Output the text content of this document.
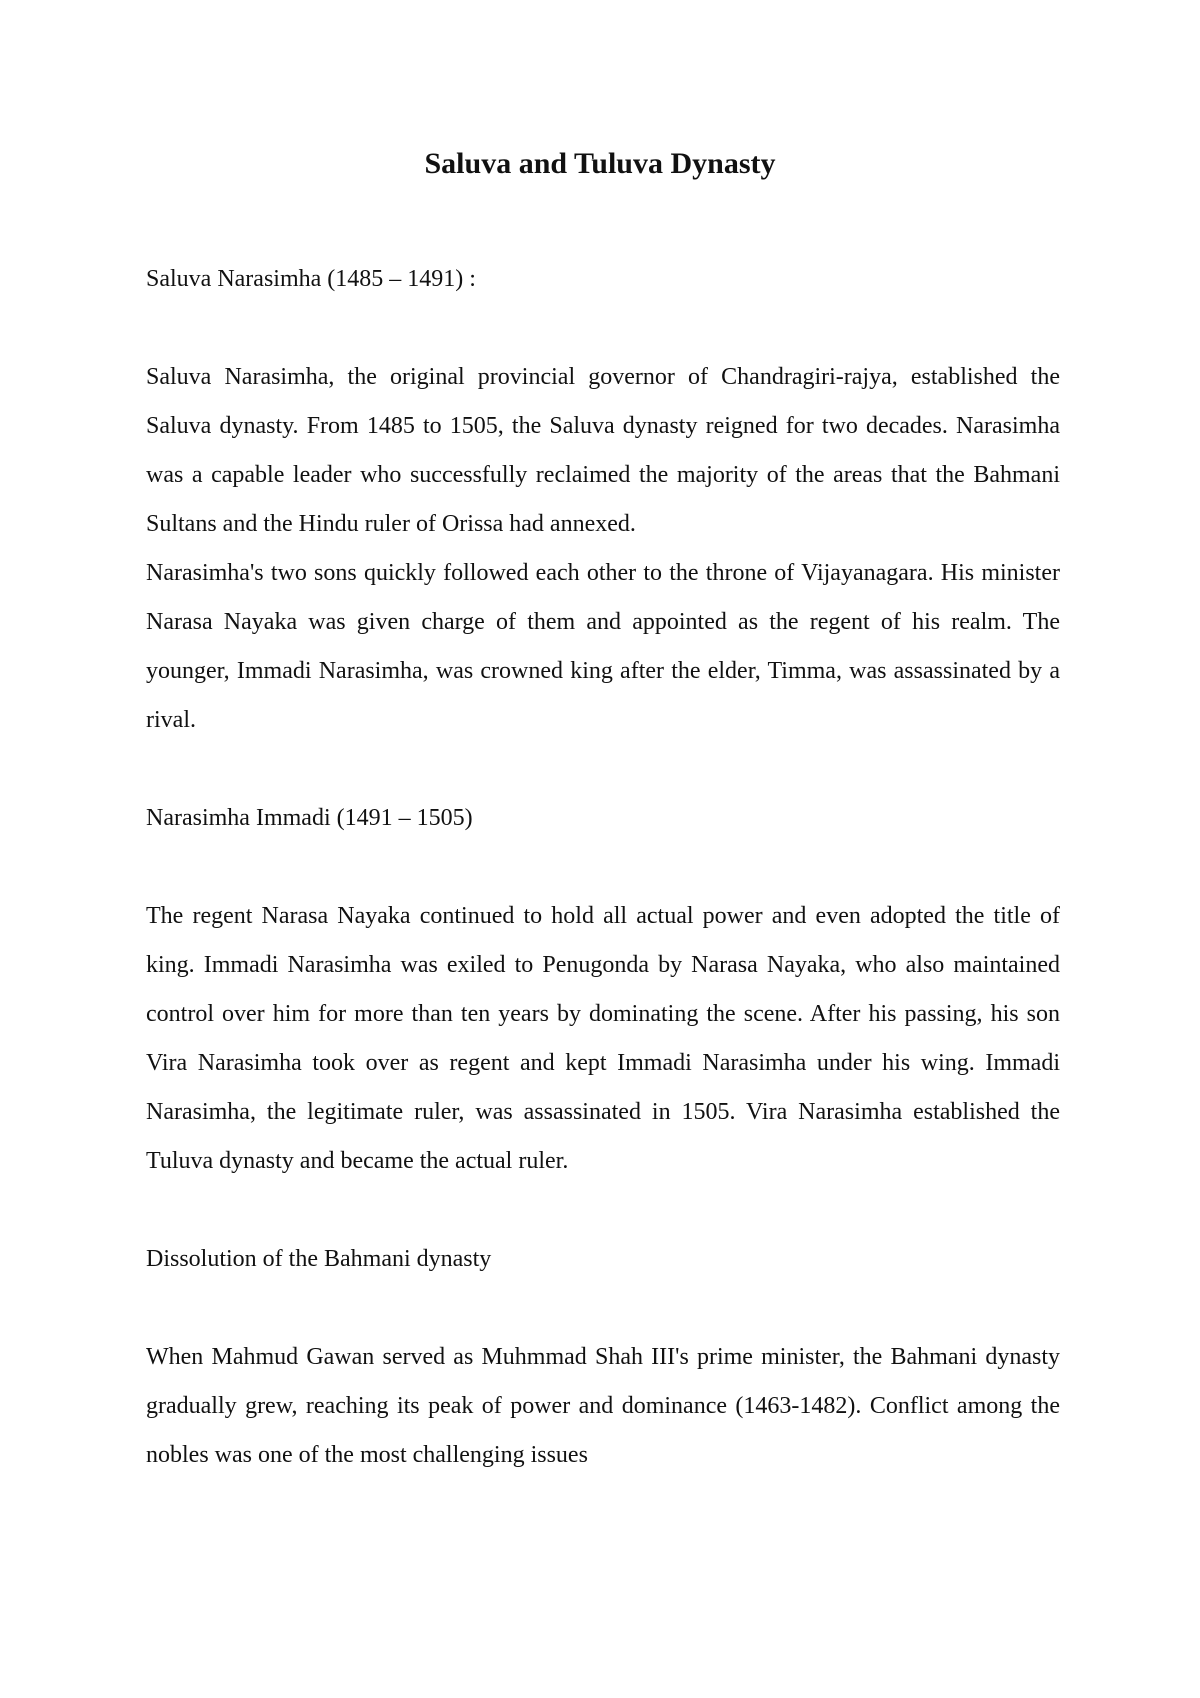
Saluva and Tuluva Dynasty
Saluva Narasimha (1485 – 1491) :

Saluva Narasimha, the original provincial governor of Chandragiri-rajya, established the Saluva dynasty. From 1485 to 1505, the Saluva dynasty reigned for two decades. Narasimha was a capable leader who successfully reclaimed the majority of the areas that the Bahmani Sultans and the Hindu ruler of Orissa had annexed.

Narasimha's two sons quickly followed each other to the throne of Vijayanagara. His minister Narasa Nayaka was given charge of them and appointed as the regent of his realm. The younger, Immadi Narasimha, was crowned king after the elder, Timma, was assassinated by a rival.

Narasimha Immadi (1491 – 1505)

The regent Narasa Nayaka continued to hold all actual power and even adopted the title of king. Immadi Narasimha was exiled to Penugonda by Narasa Nayaka, who also maintained control over him for more than ten years by dominating the scene. After his passing, his son Vira Narasimha took over as regent and kept Immadi Narasimha under his wing. Immadi Narasimha, the legitimate ruler, was assassinated in 1505. Vira Narasimha established the Tuluva dynasty and became the actual ruler.

Dissolution of the Bahmani dynasty

When Mahmud Gawan served as Muhmmad Shah III's prime minister, the Bahmani dynasty gradually grew, reaching its peak of power and dominance (1463-1482). Conflict among the nobles was one of the most challenging issues
